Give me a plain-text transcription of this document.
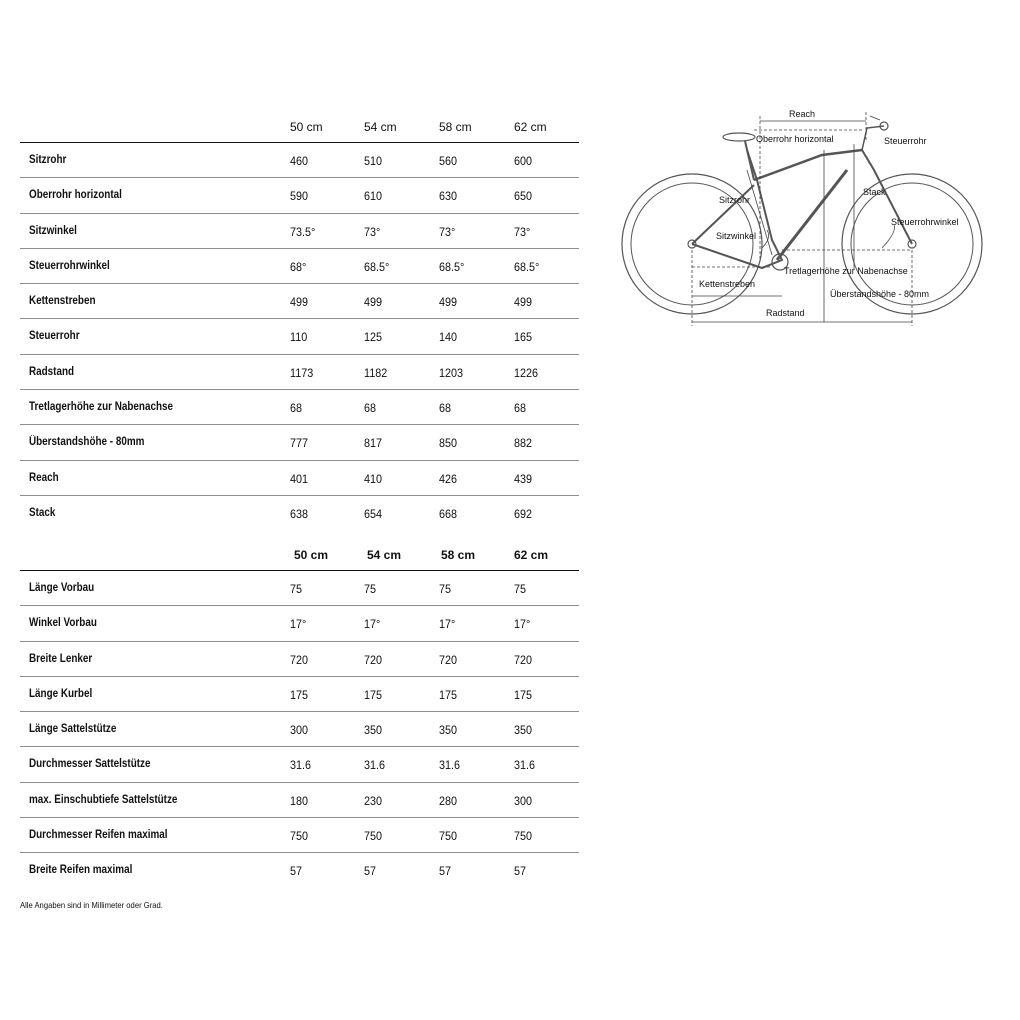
50 cm	54 cm	58 cm	62 cm
Sitzrohr	460	510	560	600
Oberrohr horizontal	590	610	630	650
Sitzwinkel	73.5°	73°	73°	73°
Steuerrohrwinkel	68°	68.5°	68.5°	68.5°
Kettenstreben	499	499	499	499
Steuerrohr	110	125	140	165
Radstand	1173	1182	1203	1226
Tretlagerhöhe zur Nabenachse	68	68	68	68
Überstandshöhe - 80mm	777	817	850	882
Reach	401	410	426	439
Stack	638	654	668	692
50 cm	54 cm	58 cm	62 cm
Länge Vorbau	75	75	75	75
Winkel Vorbau	17°	17°	17°	17°
Breite Lenker	720	720	720	720
Länge Kurbel	175	175	175	175
Länge Sattelstütze	300	350	350	350
Durchmesser Sattelstütze	31.6	31.6	31.6	31.6
max. Einschubtiefe Sattelstütze	180	230	280	300
Durchmesser Reifen maximal	750	750	750	750
Breite Reifen maximal	57	57	57	57
Alle Angaben sind in Millimeter oder Grad.
Reach
Oberrohr horizontal	Steuerrohr
Stack
Sitzrohr
Steuerrohrwinkel
Sitzwinkel
Tretlagerhöhe zur Nabenachse
Kettenstreben
Überstandshöhe - 80mm
Radstand
